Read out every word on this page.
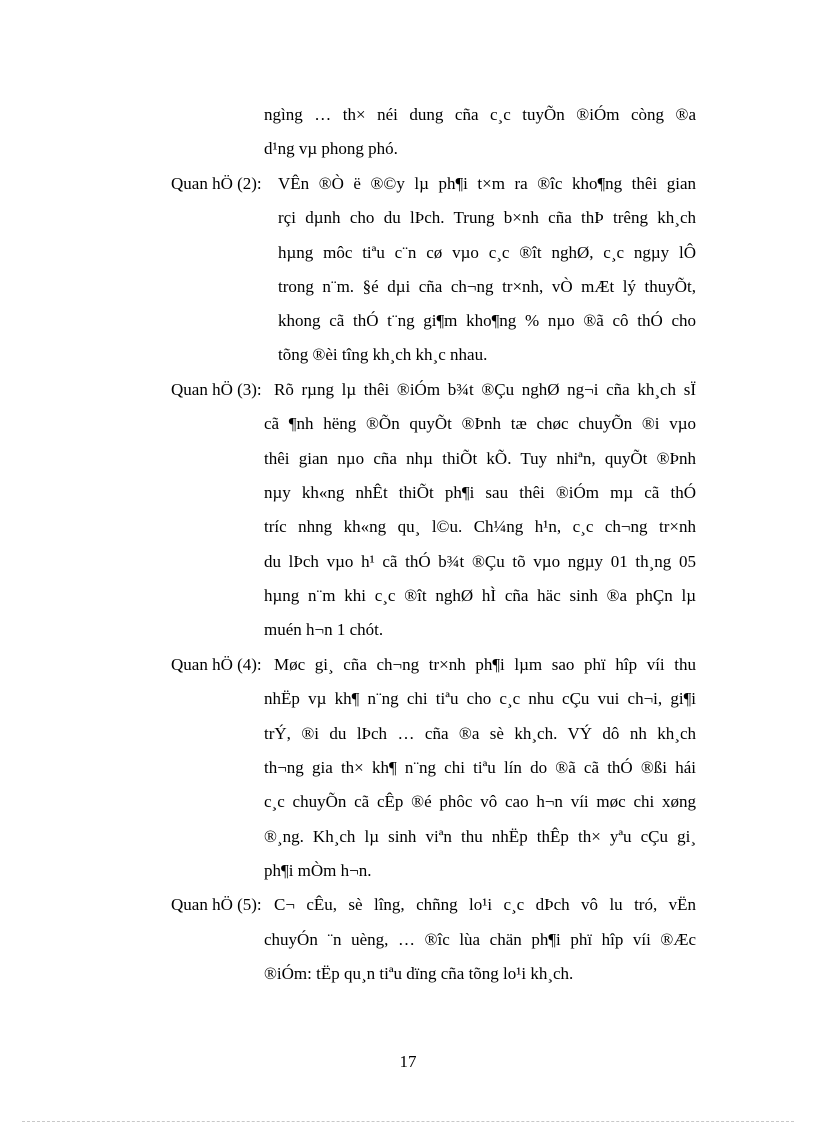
ngìng … th× néi dung cña c¸c tuyÕn ®iÓm còng ®a
d¹ng vµ phong phó.
Quan hÖ (2): VÊn ®Ò ë ®©y lµ ph¶i t×m ra ®îc kho¶ng thêi gian
rçi dµnh cho du lÞch. Trung b×nh cña thÞ trêng kh¸ch
hµng môc tiªu c¨n cø vµo c¸c ®ît nghØ, c¸c ngµy lÔ
trong n¨m. §é dµi cña ch¬ng tr×nh, vÒ mÆt lý thuyÕt,
khong cã thÓ t¨ng gi¶m kho¶ng % nµo ®ã cô thÓ cho
tõng ®èi tîng kh¸ch kh¸c nhau.
Quan hÖ (3): Rõ rµng lµ thêi ®iÓm b¾t ®Çu nghØ ng¬i cña kh¸ch sÏ
cã ¶nh hëng ®Õn quyÕt ®Þnh tæ chøc chuyÕn ®i vµo
thêi gian nµo cña nhµ thiÕt kÕ. Tuy nhiªn, quyÕt ®Þnh
nµy kh«ng nhÊt thiÕt ph¶i sau thêi ®iÓm mµ cã thÓ
tríc nhng kh«ng qu¸ l©u. Ch¼ng h¹n, c¸c ch¬ng tr×nh
du lÞch vµo h¹ cã thÓ b¾t ®Çu tõ vµo ngµy 01 th¸ng 05
hµng n¨m khi c¸c ®ît nghØ hÌ cña häc sinh ®a phÇn lµ
muén h¬n 1 chót.
Quan hÖ (4): Møc gi¸ cña ch¬ng tr×nh ph¶i lµm sao phï hîp víi thu
nhËp vµ kh¶ n¨ng chi tiªu cho c¸c nhu cÇu vui ch¬i, gi¶i
trÝ, ®i du lÞch … cña ®a sè kh¸ch. VÝ dô nh kh¸ch
th¬ng gia th× kh¶ n¨ng chi tiªu lín do ®ã cã thÓ ®ßi hái
c¸c chuyÕn cã cÊp ®é phôc vô cao h¬n víi møc chi xøng
®¸ng. Kh¸ch lµ sinh viªn thu nhËp thÊp th× yªu cÇu gi¸
ph¶i mÒm h¬n.
Quan hÖ (5): C¬ cÊu, sè lîng, chñng lo¹i c¸c dÞch vô lu tró, vËn
chuyÓn ¨n uèng, … ®îc lùa chän ph¶i phï hîp víi ®Æc
®iÓm: tËp qu¸n tiªu dïng cña tõng lo¹i kh¸ch.
17
